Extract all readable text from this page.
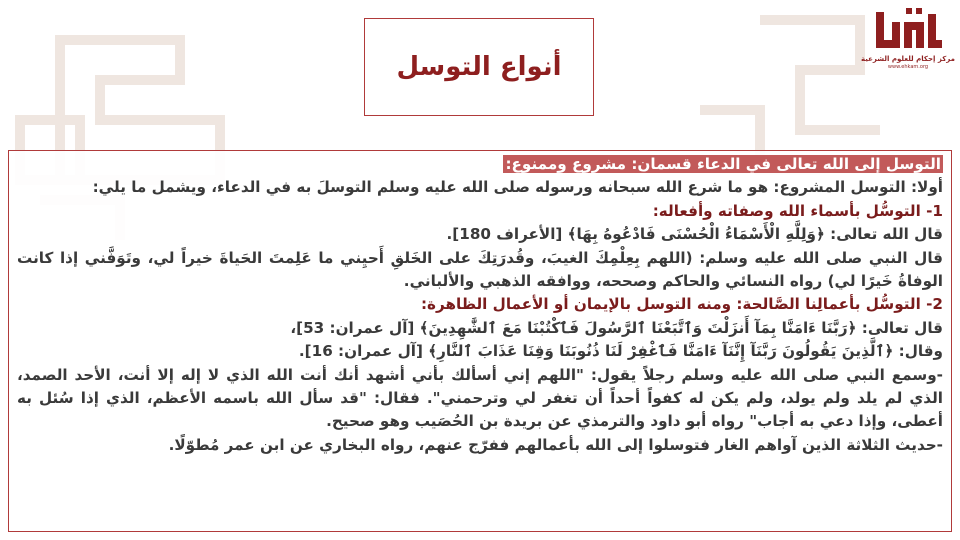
أنواع التوسل	مركز إحكام للعلوم الشرعية
www.ehkam.org

التوسل إلى الله تعالى في الدعاء قسمان: مشروع وممنوع:

أولا: التوسل المشروع: هو ما شرع الله سبحانه ورسوله صلى الله عليه وسلم التوسلَ به في الدعاء، ويشمل ما يلي:

1- التوسُّل بأسماء الله وصفاته وأفعاله:

قال الله تعالى: ﴿وَلِلَّهِ الْأَسْمَاءُ الْحُسْنَى فَادْعُوهُ بِهَا﴾ [الأعراف 180].

قال النبي صلى الله عليه وسلم: (اللهم بِعِلْمِكَ الغيبَ، وقُدرَتِكَ على الخَلقِ أَحيِني ما عَلِمتَ الحَياةَ خيراً لي، وتَوَفَّني إذا كانت الوفاةُ خَيرًا لي) رواه النسائي والحاكم وصححه، ووافقه الذهبي والألباني.

2- التوسُّل بأعمالِنا الصَّالحة: ومنه التوسل بالإيمان أو الأعمال الظاهرة:

قال تعالى: ﴿رَبَّنَا ءَامَنَّا بِمَآ أَنزَلْتَ وَٱتَّبَعْنَا ٱلرَّسُولَ فَٱكْتُبْنَا مَعَ ٱلشَّٰهِدِينَ﴾ [آل عمران: 53]،

وقال: ﴿ٱلَّذِينَ يَقُولُونَ رَبَّنَآ إِنَّنَآ ءَامَنَّا فَٱغْفِرْ لَنَا ذُنُوبَنَا وَقِنَا عَذَابَ ٱلنَّارِ﴾ [آل عمران: 16].

-وسمع النبي صلى الله عليه وسلم رجلاً يقول: "اللهم إني أسألك بأني أشهد أنك أنت الله الذي لا إله إلا أنت، الأحد الصمد، الذي لم يلد ولم يولد، ولم يكن له كفواً أحداً أن تغفر لي وترحمني". فقال: "قد سأل الله باسمه الأعظم، الذي إذا سُئل به أعطى، وإذا دعي به أجاب" رواه أبو داود والترمذي عن بريدة بن الحُصَيب وهو صحيح.

-حديث الثلاثة الذين آواهم الغار فتوسلوا إلى الله بأعمالهم ففرّج عنهم، رواه البخاري عن ابن عمر مُطوّلًا.
